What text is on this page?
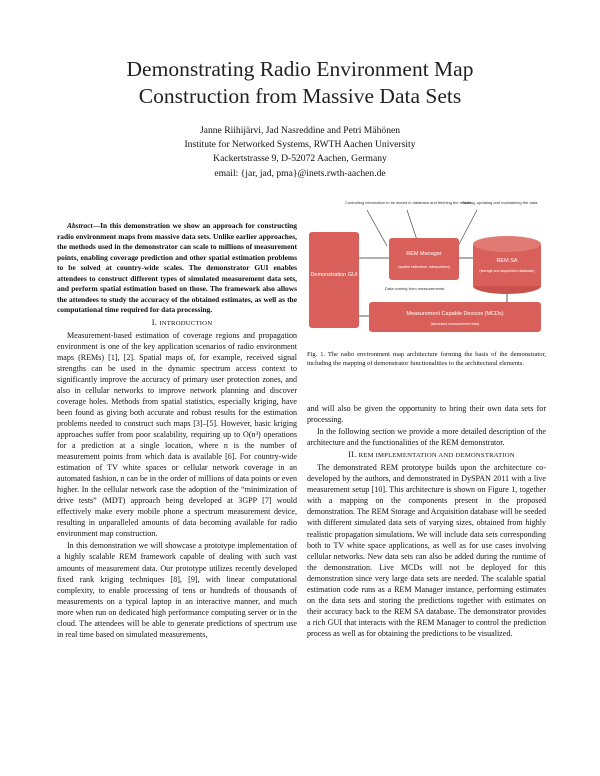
Demonstrating Radio Environment Map
Construction from Massive Data Sets
Janne Riihijärvi, Jad Nasreddine and Petri Mähönen
Institute for Networked Systems, RWTH Aachen University
Kackertstrasse 9, D-52072 Aachen, Germany
email: {jar, jad, pma}@inets.rwth-aachen.de

Abstract—In this demonstration we show an approach for constructing radio environment maps from massive data sets. Unlike earlier approaches, the methods used in the demonstrator can scale to millions of measurement points, enabling coverage prediction and other spatial estimation problems to be solved at country-wide scales. The demonstrator GUI enables attendees to construct different types of simulated measurement data sets, and perform spatial estimation based on those. The framework also allows the attendees to study the accuracy of the obtained estimates, as well as the computational time required for data processing.

I. INTRODUCTION

Measurement-based estimation of coverage regions and propagation environment is one of the key application scenarios of radio environment maps (REMs) [1], [2]. Spatial maps of, for example, received signal strengths can be used in the dynamic spectrum access context to significantly improve the accuracy of primary user protection zones, and also in cellular networks to improve network planning and discover coverage holes. Methods from spatial statistics, especially kriging, have been found as giving both accurate and robust results for the estimation problems needed to construct such maps [3]–[5]. However, basic kriging approaches suffer from poor scalability, requiring up to O(n³) operations for a prediction at a single location, where n is the number of measurement points from which data is available [6]. For country-wide estimation of TV white spaces or cellular network coverage in an automated fashion, n can be in the order of millions of data points or even higher. In the cellular network case the adoption of the “minimization of drive tests” (MDT) approach being developed at 3GPP [7] would effectively make every mobile phone a spectrum measurement device, resulting in unparalleled amounts of data becoming available for radio environment map construction.

In this demonstration we will showcase a prototype implementation of a highly scalable REM framework capable of dealing with such vast amounts of measurement data. Our prototype utilizes recently developed fixed rank kriging techniques [8], [9], with linear computational complexity, to enable processing of tens or hundreds of thousands of measurements on a typical laptop in an interactive manner, and much more when run on dedicated high performance computing server or in the cloud. The attendees will be able to generate predictions of spectrum use in real time based on simulated measurements,

Controlling information to be stored in database and fetching the results.
Storing, updating and maintaining the data.
Demonstration GUI
REM Manager
(spatial estimation, interpolation)
REM SA
(storage and acquisition database)
Data coming from measurements.
Measurement Capable Devices (MCDs)
(simulated measurement data)
Fig. 1. The radio environment map architecture forming the basis of the demonstrator, including the mapping of demonstrator functionalities to the architectural elements.

and will also be given the opportunity to bring their own data sets for processing.

In the following section we provide a more detailed description of the architecture and the functionalities of the REM demonstrator.

II. REM IMPLEMENTATION AND DEMONSTRATION

The demonstrated REM prototype builds upon the architecture co-developed by the authors, and demonstrated in DySPAN 2011 with a live measurement setup [10]. This architecture is shown on Figure 1, together with a mapping on the components present in the proposed demonstration. The REM Storage and Acquisition database will be seeded with different simulated data sets of varying sizes, obtained from highly realistic propagation simulations. We will include data sets corresponding both to TV white space applications, as well as for use cases involving cellular networks. New data sets can also be added during the runtime of the demonstration. Live MCDs will not be deployed for this demonstration since very large data sets are needed. The scalable spatial estimation code runs as a REM Manager instance, performing estimates on the data sets and storing the predictions together with estimates on their accuracy back to the REM SA database. The demonstrator provides a rich GUI that interacts with the REM Manager to control the prediction process as well as for obtaining the predictions to be visualized.
